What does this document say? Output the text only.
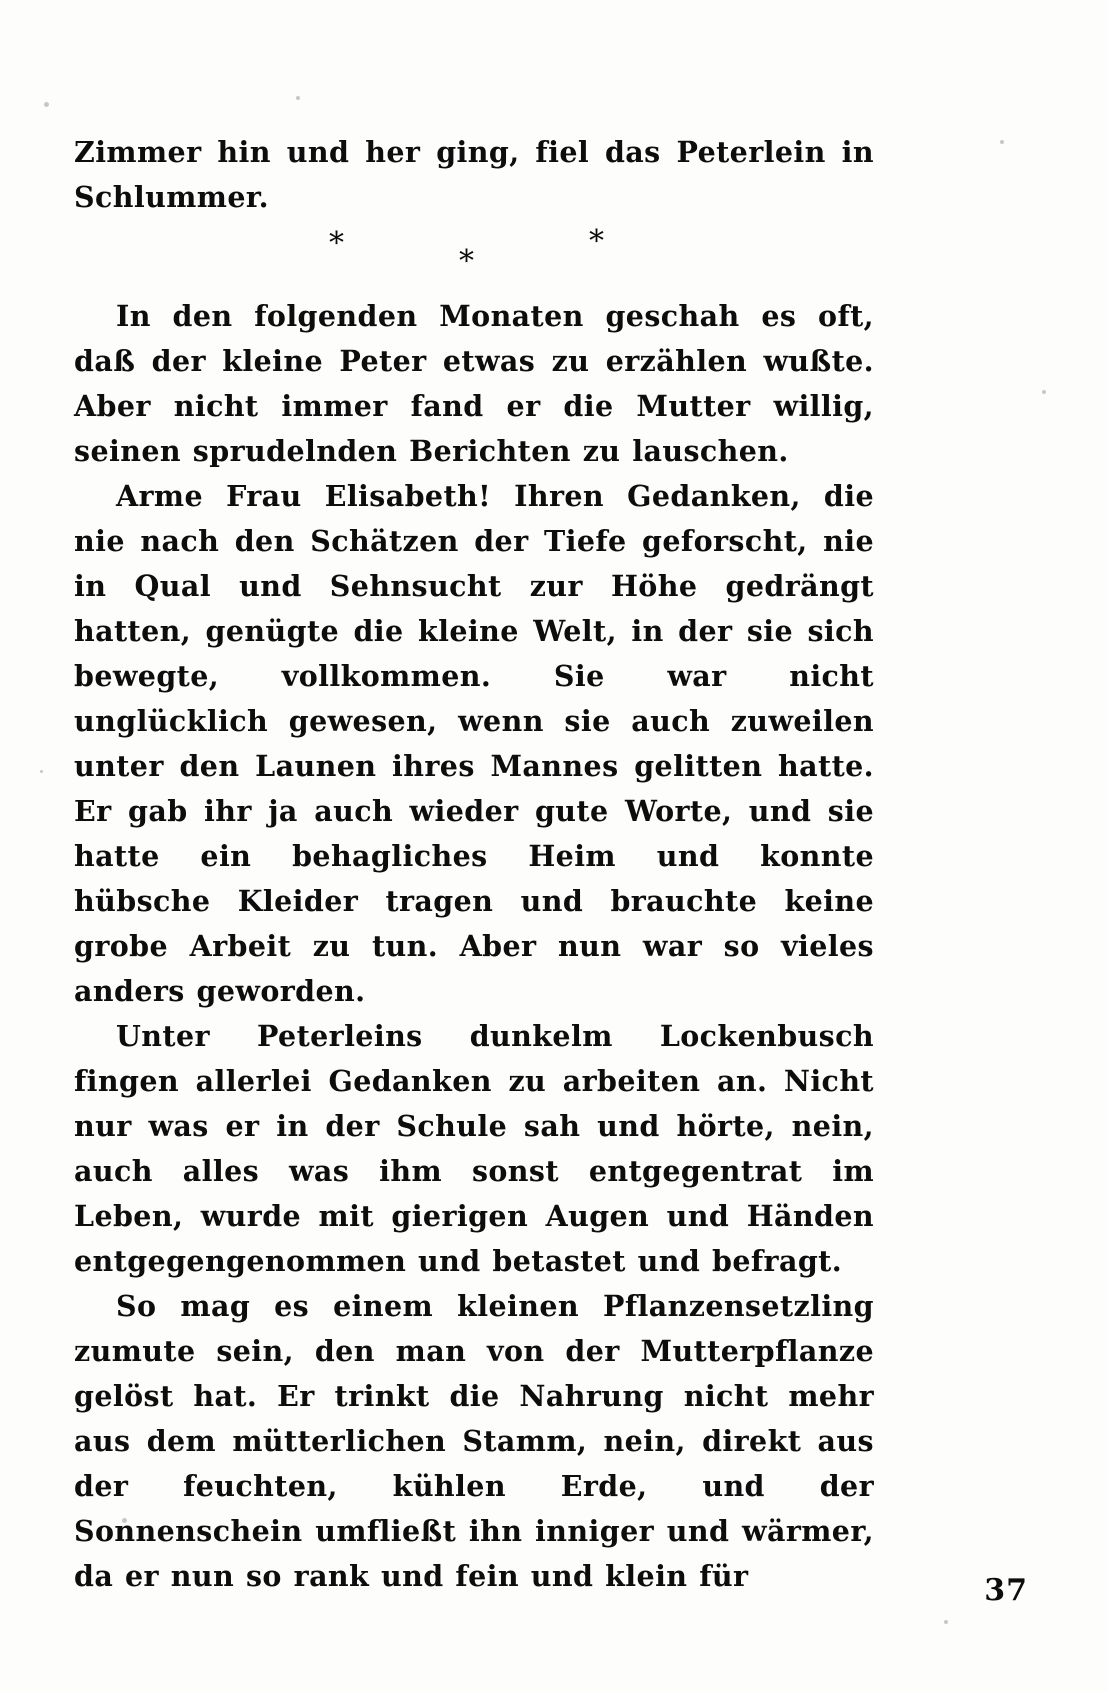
Zimmer hin und her ging, fiel das Peterlein in Schlummer.

*
*
*

In den folgenden Monaten geschah es oft, daß der kleine Peter etwas zu erzählen wußte. Aber nicht immer fand er die Mutter willig, seinen sprudelnden Berichten zu lauschen.

Arme Frau Elisabeth! Ihren Gedanken, die nie nach den Schätzen der Tiefe geforscht, nie in Qual und Sehnsucht zur Höhe gedrängt hatten, genügte die kleine Welt, in der sie sich bewegte, vollkommen. Sie war nicht unglücklich gewesen, wenn sie auch zuweilen unter den Launen ihres Mannes gelitten hatte. Er gab ihr ja auch wieder gute Worte, und sie hatte ein behagliches Heim und konnte hübsche Kleider tragen und brauchte keine grobe Arbeit zu tun. Aber nun war so vieles anders geworden.

Unter Peterleins dunkelm Lockenbusch fingen allerlei Gedanken zu arbeiten an. Nicht nur was er in der Schule sah und hörte, nein, auch alles was ihm sonst entgegentrat im Leben, wurde mit gierigen Augen und Händen entgegengenommen und betastet und befragt.

So mag es einem kleinen Pflanzensetzling zumute sein, den man von der Mutterpflanze gelöst hat. Er trinkt die Nahrung nicht mehr aus dem mütterlichen Stamm, nein, direkt aus der feuchten, kühlen Erde, und der Sonnenschein umfließt ihn inniger und wärmer, da er nun so rank und fein und klein für	37
